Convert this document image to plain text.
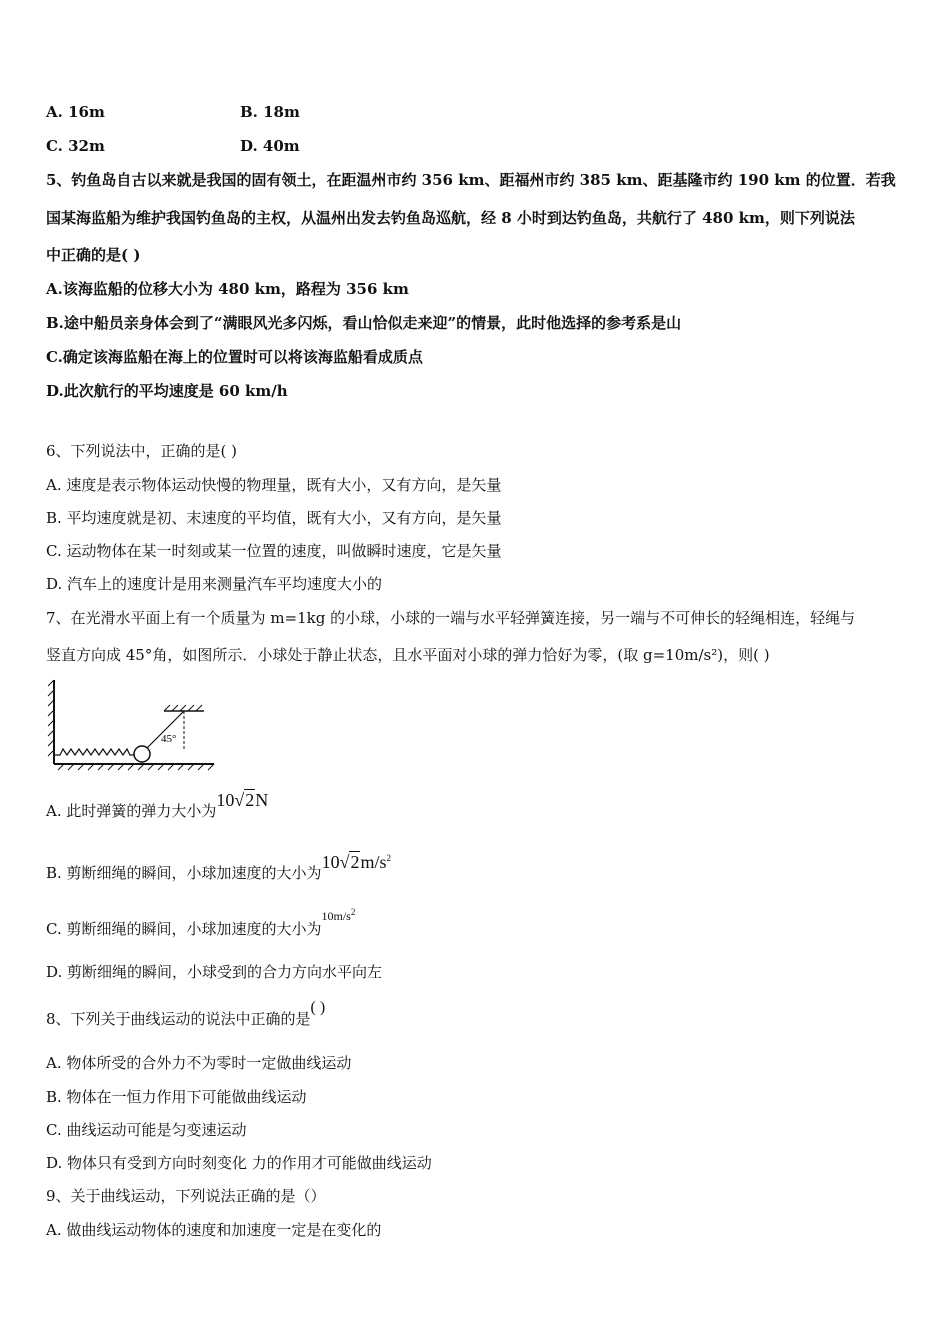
A. 16m	B. 18m
C. 32m	D. 40m
5、钓鱼岛自古以来就是我国的固有领土，在距温州市约 356 km、距福州市约 385 km、距基隆市约 190 km 的位置．若我
国某海监船为维护我国钓鱼岛的主权，从温州出发去钓鱼岛巡航，经 8 小时到达钓鱼岛，共航行了 480 km，则下列说法
中正确的是( )
A.该海监船的位移大小为 480 km，路程为 356 km
B.途中船员亲身体会到了“满眼风光多闪烁，看山恰似走来迎”的情景，此时他选择的参考系是山
C.确定该海监船在海上的位置时可以将该海监船看成质点
D.此次航行的平均速度是 60 km/h
6、下列说法中，正确的是( )
A. 速度是表示物体运动快慢的物理量，既有大小，又有方向，是矢量
B. 平均速度就是初、末速度的平均值，既有大小，又有方向，是矢量
C. 运动物体在某一时刻或某一位置的速度，叫做瞬时速度，它是矢量
D. 汽车上的速度计是用来测量汽车平均速度大小的
7、在光滑水平面上有一个质量为 m=1kg 的小球，小球的一端与水平轻弹簧连接，另一端与不可伸长的轻绳相连，轻绳与
竖直方向成 45°角，如图所示．小球处于静止状态，且水平面对小球的弹力恰好为零，(取 g=10m/s²)，则( )
45°
A. 此时弹簧的弹力大小为10√2N
B. 剪断细绳的瞬间，小球加速度的大小为$10√2m/s^2$
C. 剪断细绳的瞬间，小球加速度的大小为$^{10m/s^2}$
D. 剪断细绳的瞬间，小球受到的合力方向水平向左
8、下列关于曲线运动的说法中正确的是( )
A. 物体所受的合外力不为零时一定做曲线运动
B. 物体在一恒力作用下可能做曲线运动
C. 曲线运动可能是匀变速运动
D. 物体只有受到方向时刻变化 力的作用才可能做曲线运动
9、关于曲线运动，下列说法正确的是（）
A. 做曲线运动物体的速度和加速度一定是在变化的
